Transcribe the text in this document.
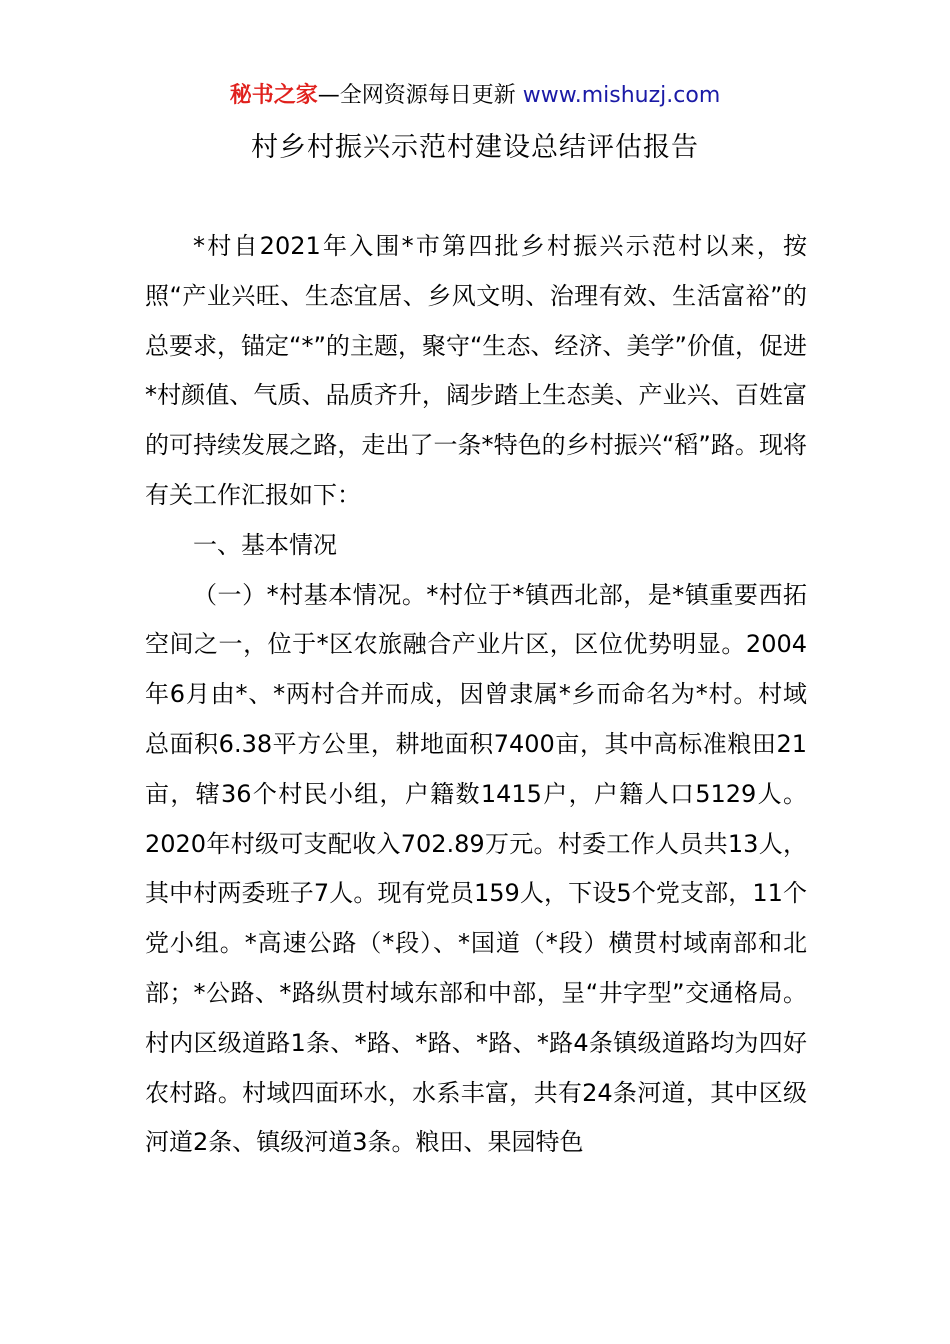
秘书之家—全网资源每日更新 www.mishuzj.com
村乡村振兴示范村建设总结评估报告

*村自2021年入围*市第四批乡村振兴示范村以来，按照“产业兴旺、生态宜居、乡风文明、治理有效、生活富裕”的总要求，锚定“*”的主题，聚守“生态、经济、美学”价值，促进*村颜值、气质、品质齐升，阔步踏上生态美、产业兴、百姓富的可持续发展之路，走出了一条*特色的乡村振兴“稻”路。现将有关工作汇报如下：

一、基本情况

（一）*村基本情况。*村位于*镇西北部，是*镇重要西拓空间之一，位于*区农旅融合产业片区，区位优势明显。2004年6月由*、*两村合并而成，因曾隶属*乡而命名为*村。村域总面积6.38平方公里，耕地面积7400亩，其中高标准粮田21亩，辖36个村民小组，户籍数1415户，户籍人口5129人。2020年村级可支配收入702.89万元。村委工作人员共13人，其中村两委班子7人。现有党员159人，下设5个党支部，11个党小组。*高速公路（*段）、*国道（*段）横贯村域南部和北部；*公路、*路纵贯村域东部和中部，呈“井字型”交通格局。村内区级道路1条、*路、*路、*路、*路4条镇级道路均为四好农村路。村域四面环水，水系丰富，共有24条河道，其中区级河道2条、镇级河道3条。粮田、果园特色
